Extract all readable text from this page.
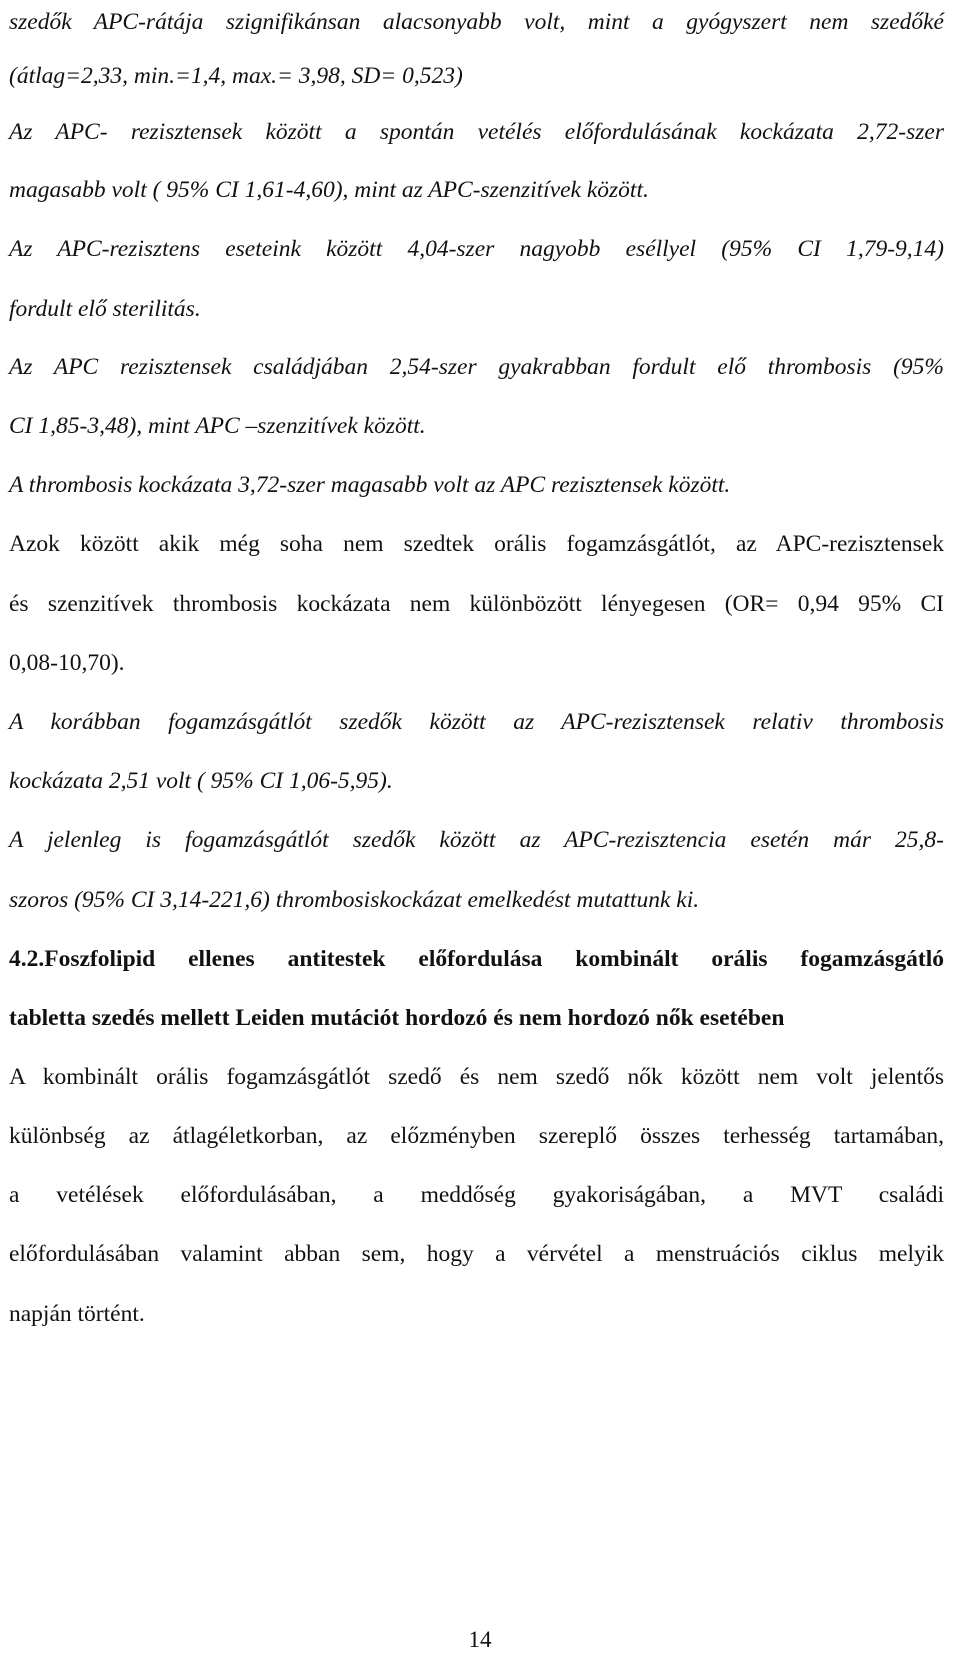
szedők APC-rátája szignifikánsan alacsonyabb volt, mint a gyógyszert nem szedőké
(átlag=2,33, min.=1,4, max.= 3,98, SD= 0,523)
Az APC- rezisztensek között a spontán vetélés előfordulásának kockázata 2,72-szer
magasabb volt ( 95% CI 1,61-4,60), mint az APC-szenzitívek között.
Az APC-rezisztens eseteink között 4,04-szer nagyobb eséllyel (95% CI 1,79-9,14)
fordult elő sterilitás.
Az APC rezisztensek családjában 2,54-szer gyakrabban fordult elő thrombosis (95%
CI 1,85-3,48), mint APC –szenzitívek között.
A thrombosis kockázata 3,72-szer magasabb volt az APC rezisztensek között.
Azok között akik még soha nem szedtek orális fogamzásgátlót, az APC-rezisztensek
és szenzitívek thrombosis kockázata nem különbözött lényegesen (OR= 0,94 95% CI
0,08-10,70).
A korábban fogamzásgátlót szedők között az APC-rezisztensek relativ thrombosis
kockázata 2,51 volt ( 95% CI 1,06-5,95).
A jelenleg is fogamzásgátlót szedők között az APC-rezisztencia esetén már 25,8-
szoros (95% CI 3,14-221,6) thrombosiskockázat emelkedést mutattunk ki.
4.2.Foszfolipid ellenes antitestek előfordulása kombinált orális fogamzásgátló
tabletta szedés mellett Leiden mutációt hordozó és nem hordozó nők esetében
A kombinált orális fogamzásgátlót szedő és nem szedő nők között nem volt jelentős
különbség az átlagéletkorban, az előzményben szereplő összes terhesség tartamában,
a vetélések előfordulásában, a meddőség gyakoriságában, a MVT családi
előfordulásában valamint abban sem, hogy a vérvétel a menstruációs ciklus melyik
napján történt.
14
